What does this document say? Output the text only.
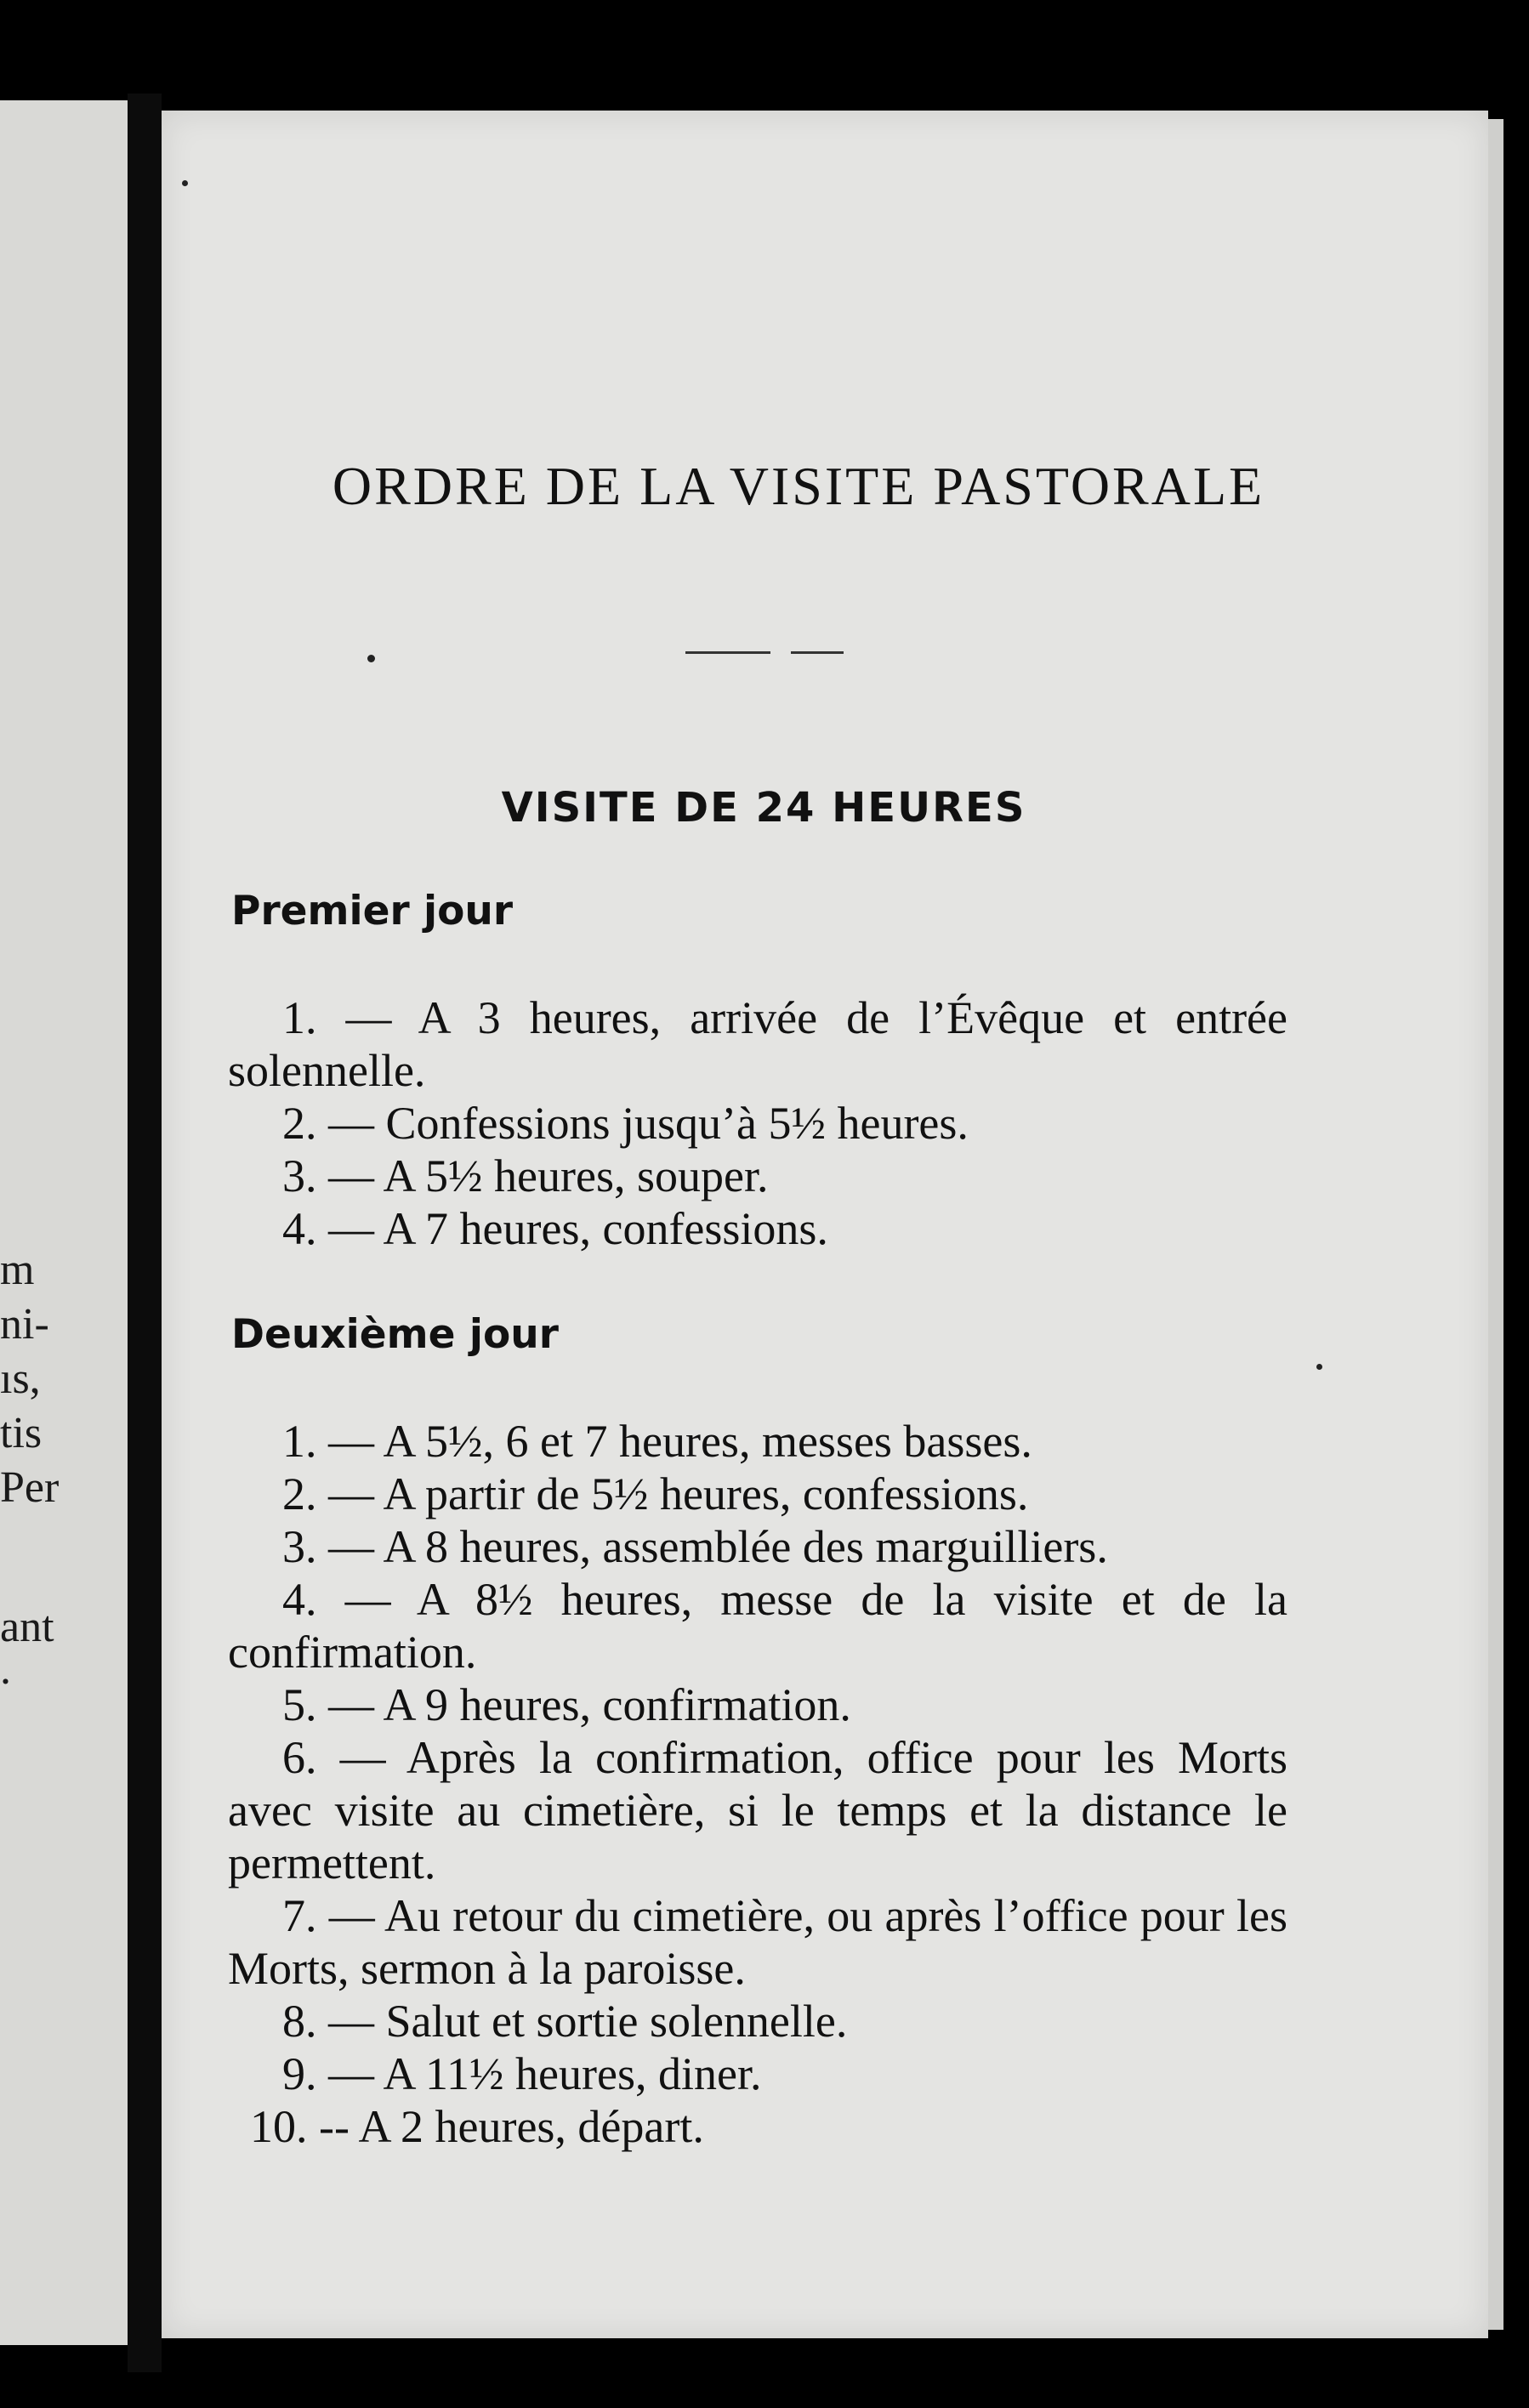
m
ni-
ıs,
tis
Per
ant
.
ORDRE DE LA VISITE PASTORALE
VISITE DE 24 HEURES
Premier jour
1. — A 3 heures, arrivée de l’Évêque et entrée solennelle.
2. — Confessions jusqu’à 5½ heures.
3. — A 5½ heures, souper.
4. — A 7 heures, confessions.
Deuxième jour
1. — A 5½, 6 et 7 heures, messes basses.
2. — A partir de 5½ heures, confessions.
3. — A 8 heures, assemblée des marguilliers.
4. — A 8½ heures, messe de la visite et de la confirmation.
5. — A 9 heures, confirmation.
6. — Après la confirmation, office pour les Morts avec visite au cimetière, si le temps et la distance le permettent.
7. — Au retour du cimetière, ou après l’office pour les Morts, sermon à la paroisse.
8. — Salut et sortie solennelle.
9. — A 11½ heures, diner.
10. -- A 2 heures, départ.
